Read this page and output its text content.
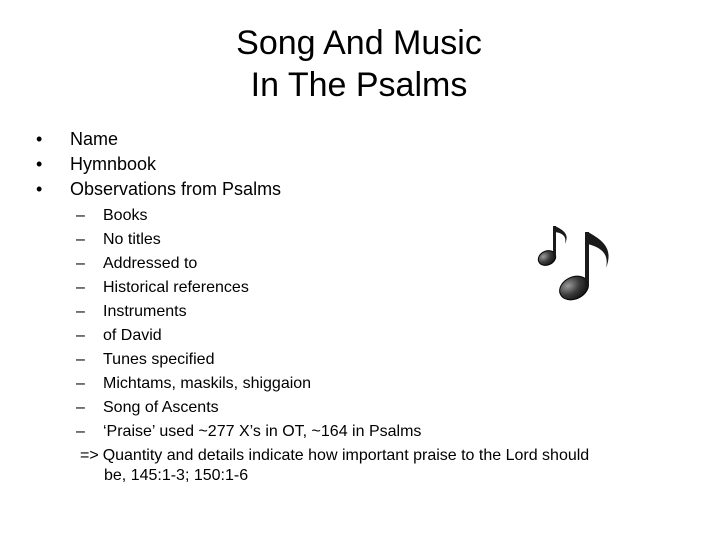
Song And Music
In The Psalms
• Name
• Hymnbook
• Observations from Psalms
– Books
– No titles
– Addressed to
– Historical references
– Instruments
– of David
– Tunes specified
– Michtams, maskils, shiggaion
– Song of Ascents
– ‘Praise’ used ~277 X’s in OT, ~164 in Psalms
=> Quantity and details indicate how important praise to the Lord should
be, 145:1-3; 150:1-6
